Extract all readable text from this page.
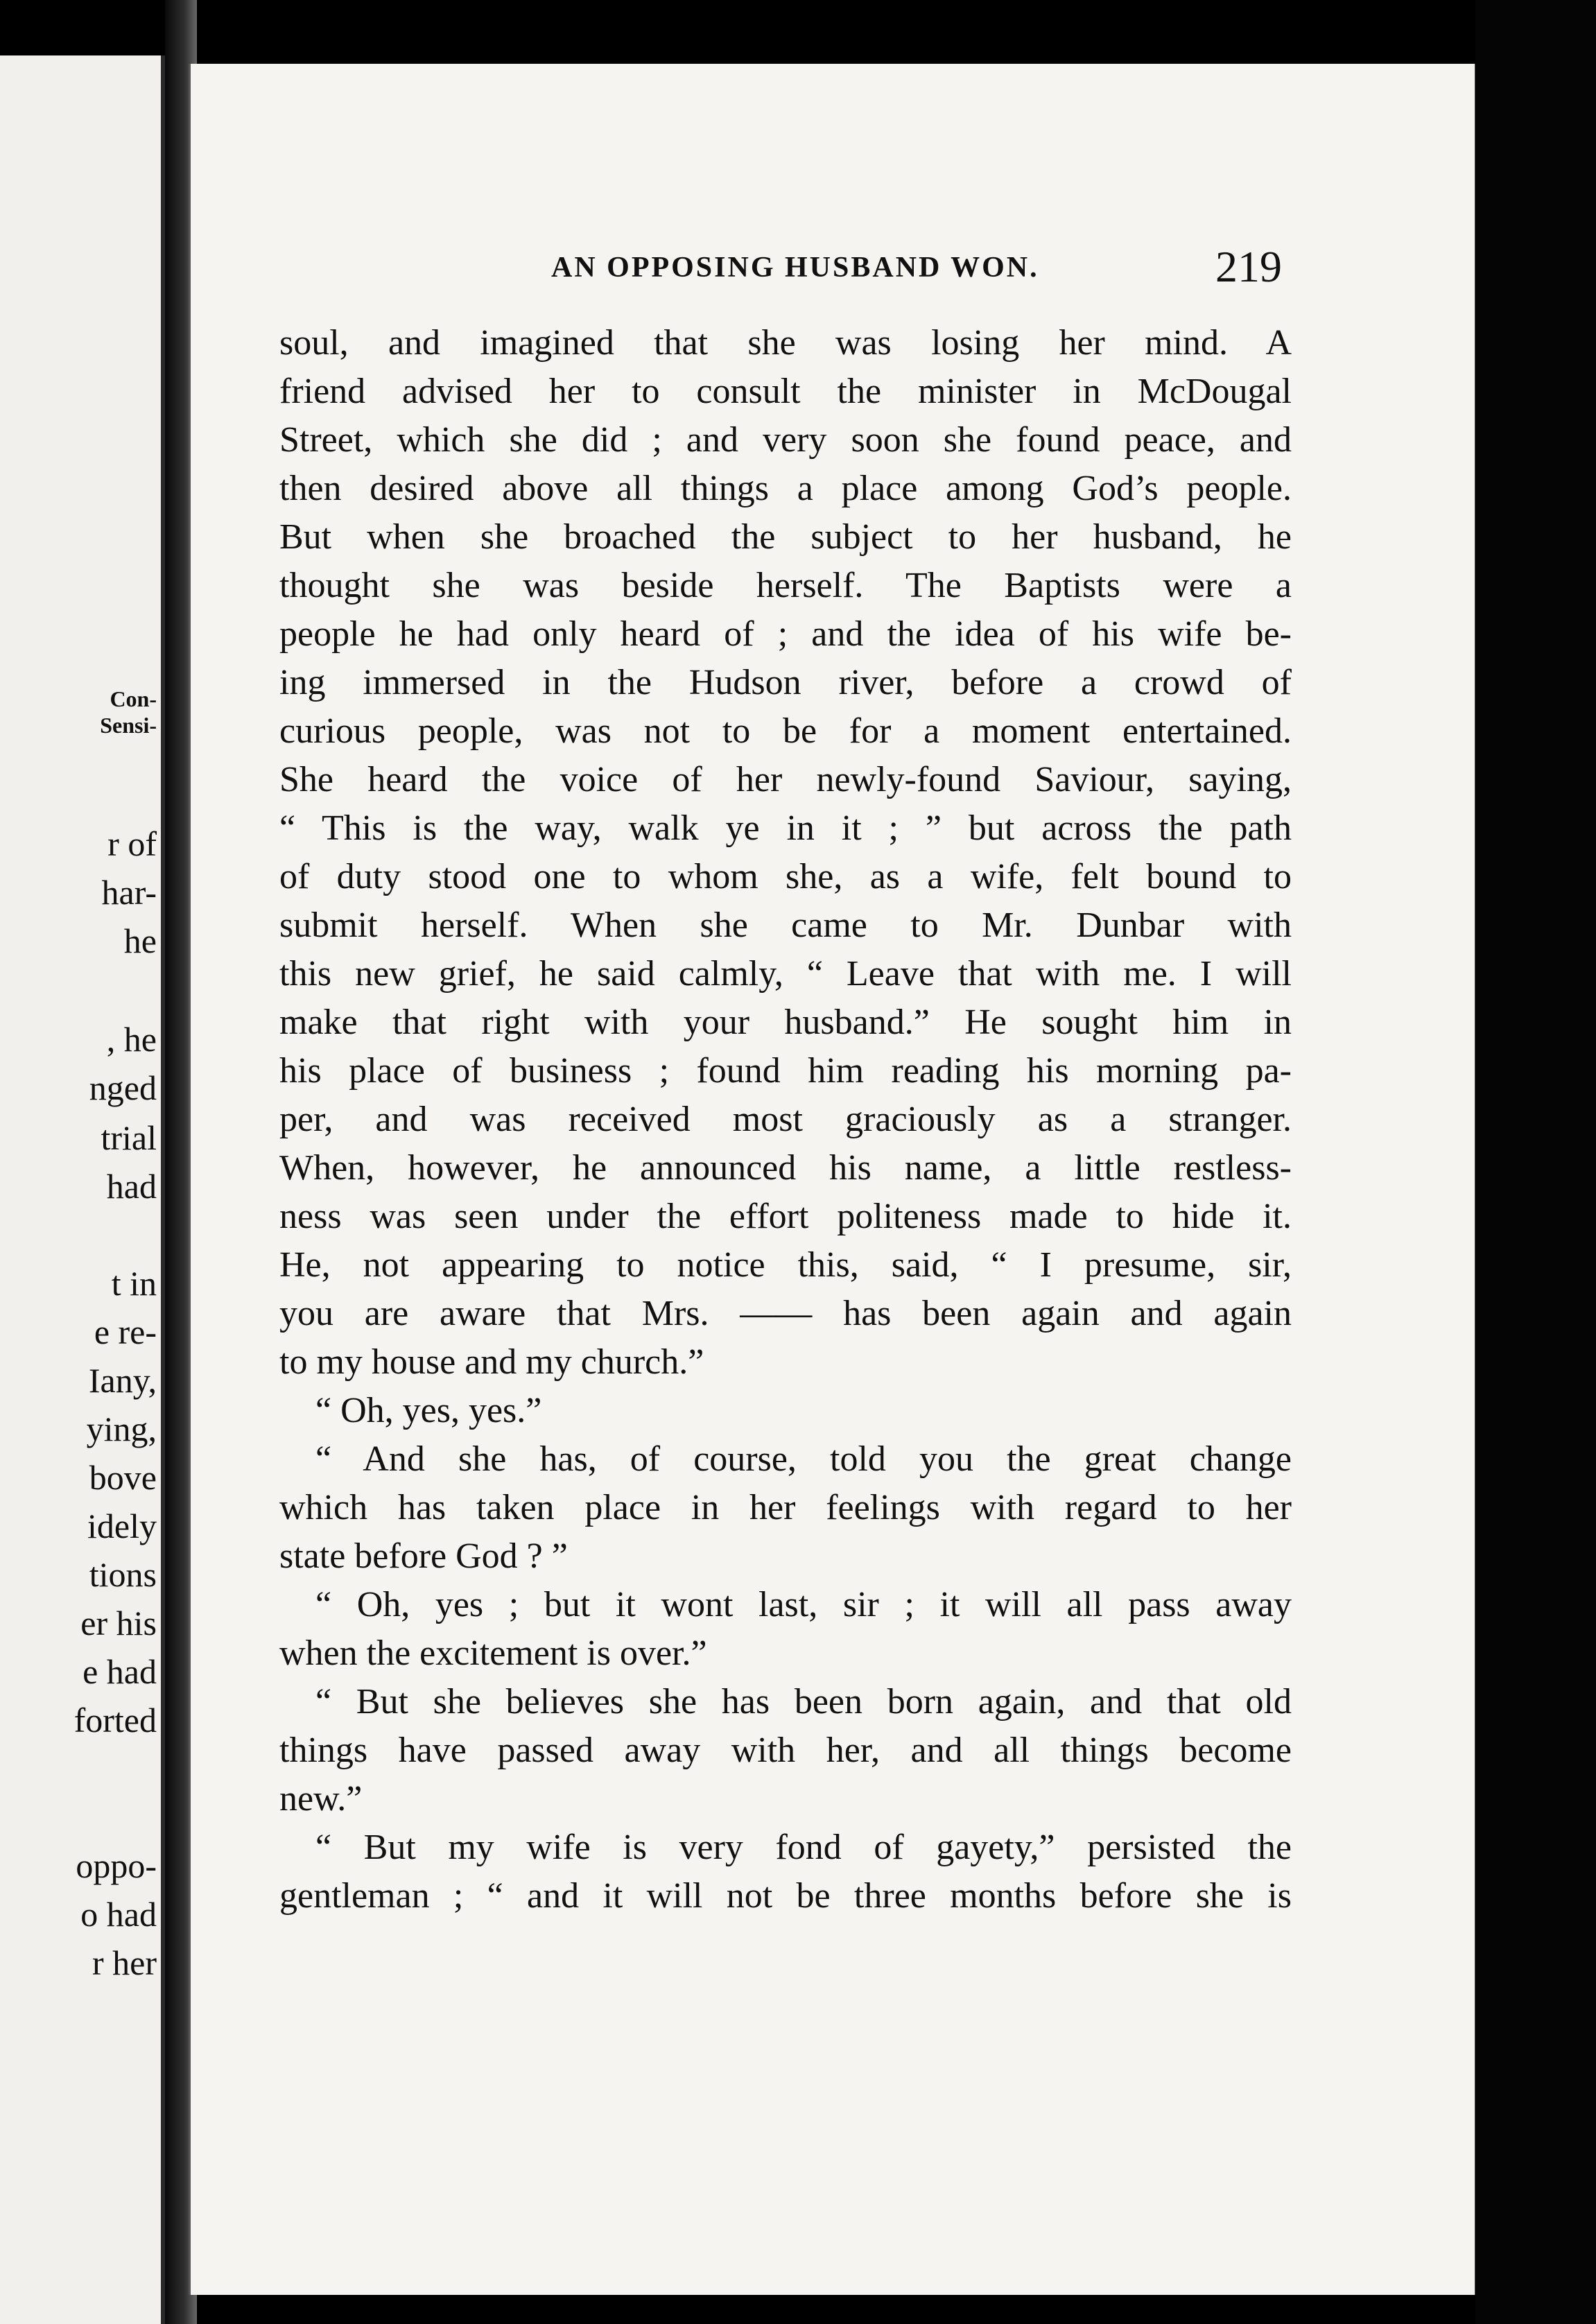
Con-
Sensi-
r of
har-
he
, he
nged
trial
had
t in
e re-
Iany,
ying,
bove
idely
tions
er his
e had
forted
oppo-
o had
r her
AN OPPOSING HUSBAND WON.	219
soul, and imagined that she was losing her mind. A
friend advised her to consult the minister in McDougal
Street, which she did ; and very soon she found peace, and
then desired above all things a place among God’s people.
But when she broached the subject to her husband, he
thought she was beside herself. The Baptists were a
people he had only heard of ; and the idea of his wife be-
ing immersed in the Hudson river, before a crowd of
curious people, was not to be for a moment entertained.
She heard the voice of her newly-found Saviour, saying,
“ This is the way, walk ye in it ; ” but across the path
of duty stood one to whom she, as a wife, felt bound to
submit herself. When she came to Mr. Dunbar with
this new grief, he said calmly, “ Leave that with me. I will
make that right with your husband.” He sought him in
his place of business ; found him reading his morning pa-
per, and was received most graciously as a stranger.
When, however, he announced his name, a little restless-
ness was seen under the effort politeness made to hide it.
He, not appearing to notice this, said, “ I presume, sir,
you are aware that Mrs. —— has been again and again
to my house and my church.”
“ Oh, yes, yes.”
“ And she has, of course, told you the great change
which has taken place in her feelings with regard to her
state before God ? ”
“ Oh, yes ; but it wont last, sir ; it will all pass away
when the excitement is over.”
“ But she believes she has been born again, and that old
things have passed away with her, and all things become
new.”
“ But my wife is very fond of gayety,” persisted the
gentleman ; “ and it will not be three months before she is
